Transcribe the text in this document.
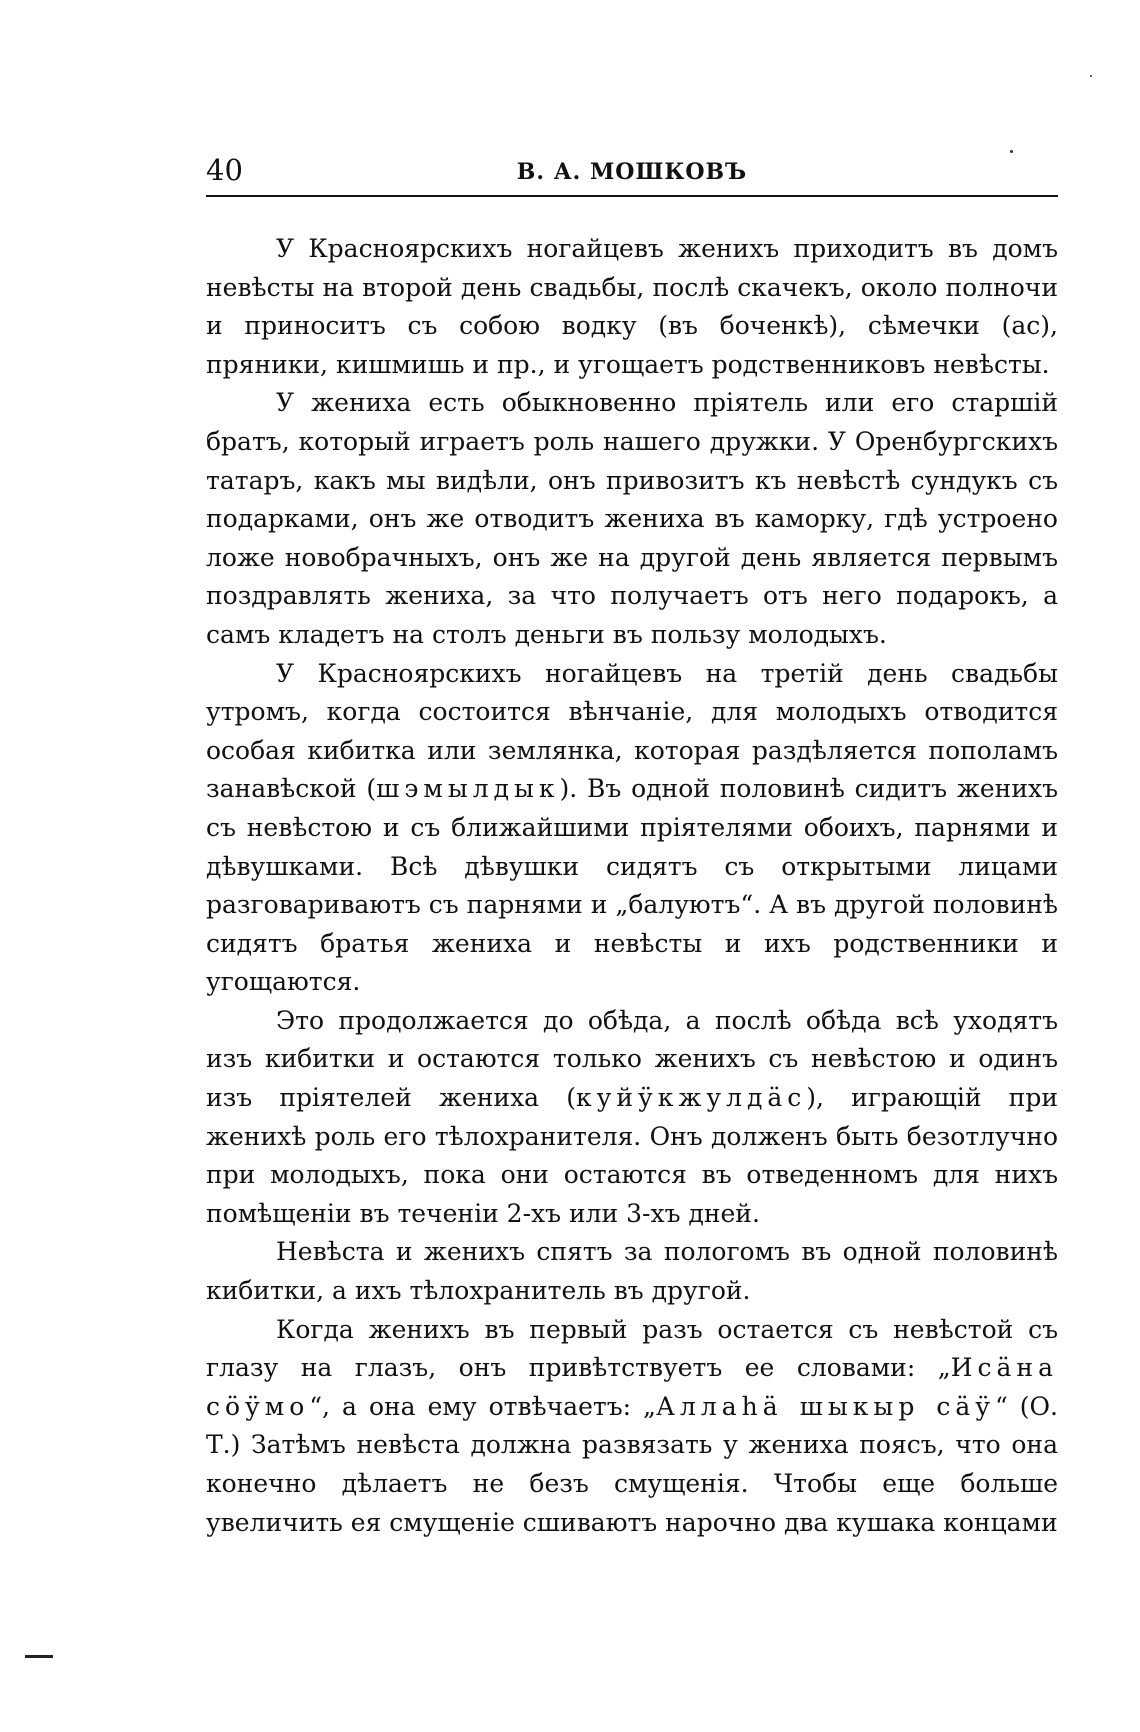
40	В. А. МОШКОВЪ

У Красноярскихъ ногайцевъ женихъ приходитъ въ домъ невѣсты на второй день свадьбы, послѣ скачекъ, около полночи и приноситъ съ собою водку (въ боченкѣ), сѣмечки (ас), пряники, кишмишь и пр., и угощаетъ родственниковъ невѣсты.

У жениха есть обыкновенно пріятель или его старшій братъ, который играетъ роль нашего дружки. У Оренбургскихъ татаръ, какъ мы видѣли, онъ привозитъ къ невѣстѣ сундукъ съ подарками, онъ же отводитъ жениха въ каморку, гдѣ устроено ложе новобрачныхъ, онъ же на другой день является первымъ поздравлять жениха, за что получаетъ отъ него подарокъ, а самъ кладетъ на столъ деньги въ пользу молодыхъ.

У Красноярскихъ ногайцевъ на третій день свадьбы утромъ, когда состоится вѣнчаніе, для молодыхъ отводится особая кибитка или землянка, которая раздѣляется пополамъ занавѣской (шэмылдык). Въ одной половинѣ сидитъ женихъ съ невѣстою и съ ближайшими пріятелями обоихъ, парнями и дѣвушками. Всѣ дѣвушки сидятъ съ открытыми лицами разговариваютъ съ парнями и „балуютъ“. А въ другой половинѣ сидятъ братья жениха и невѣсты и ихъ родственники и угощаются.

Это продолжается до обѣда, а послѣ обѣда всѣ уходятъ изъ кибитки и остаются только женихъ съ невѣстою и одинъ изъ пріятелей жениха (куйӱкжулдäс), играющій при женихѣ роль его тѣлохранителя. Онъ долженъ быть безотлучно при молодыхъ, пока они остаются въ отведенномъ для нихъ помѣщеніи въ теченіи 2-хъ или 3-хъ дней.

Невѣста и женихъ спятъ за пологомъ въ одной половинѣ кибитки, а ихъ тѣлохранитель въ другой.

Когда женихъ въ первый разъ остается съ невѣстой съ глазу на глазъ, онъ привѣтствуетъ ее словами: „Исäна сӧӱмо“, а она ему отвѣчаетъ: „Аллаhä шыкыр сäӱ“ (О. Т.) Затѣмъ невѣста должна развязать у жениха поясъ, что она конечно дѣлаетъ не безъ смущенія. Чтобы еще больше увеличить ея смущеніе сшиваютъ нарочно два кушака концами
